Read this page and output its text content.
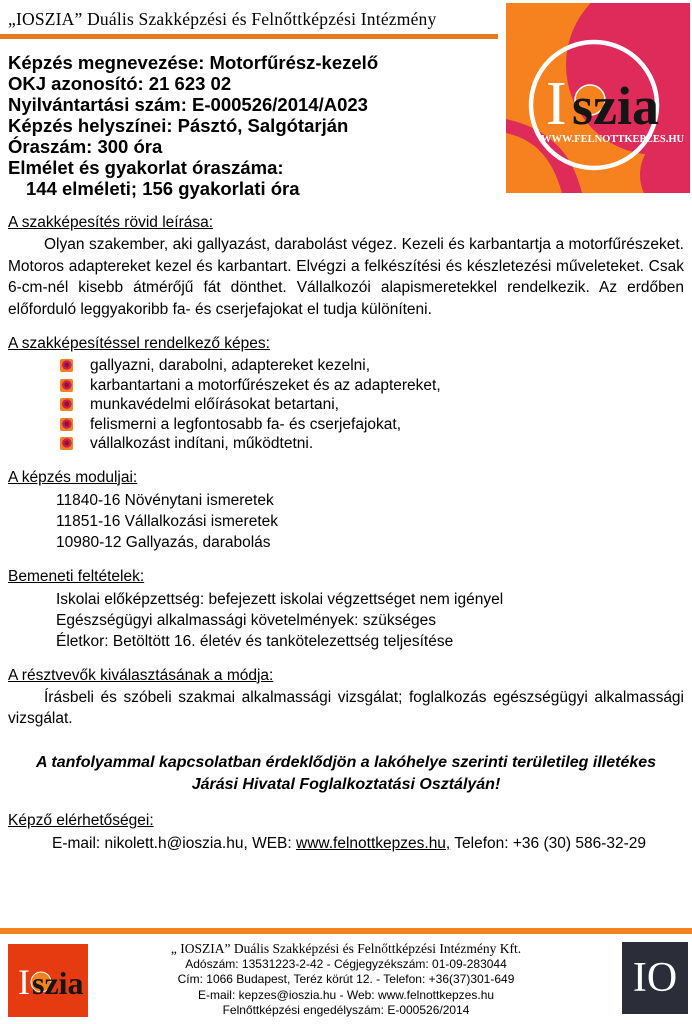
„IOSZIA” Duális Szakképzési és Felnőttképzési Intézmény
I szia
WWW.FELNOTTKEPZES.HU
Képzés megnevezése: Motorfűrész-kezelő
OKJ azonosító: 21 623 02
Nyilvántartási szám: E-000526/2014/A023
Képzés helyszínei: Pásztó, Salgótarján
Óraszám: 300 óra
Elmélet és gyakorlat óraszáma:
144 elméleti; 156 gyakorlati óra
A szakképesítés rövid leírása:
Olyan szakember, aki gallyazást, darabolást végez. Kezeli és karbantartja a motorfűrészeket. Motoros adaptereket kezel és karbantart. Elvégzi a felkészítési és készletezési műveleteket. Csak 6-cm-nél kisebb átmérőjű fát dönthet. Vállalkozói alapismeretekkel rendelkezik. Az erdőben előforduló leggyakoribb fa- és cserjefajokat el tudja különíteni.
A szakképesítéssel rendelkező képes:
gallyazni, darabolni, adaptereket kezelni,
karbantartani a motorfűrészeket és az adaptereket,
munkavédelmi előírásokat betartani,
felismerni a legfontosabb fa- és cserjefajokat,
vállalkozást indítani, működtetni.
A képzés moduljai:
11840-16 Növénytani ismeretek
11851-16 Vállalkozási ismeretek
10980-12 Gallyazás, darabolás
Bemeneti feltételek:
Iskolai előképzettség: befejezett iskolai végzettséget nem igényel
Egészségügyi alkalmassági követelmények: szükséges
Életkor: Betöltött 16. életév és tankötelezettség teljesítése
A résztvevők kiválasztásának a módja:
Írásbeli és szóbeli szakmai alkalmassági vizsgálat; foglalkozás egészségügyi alkalmassági vizsgálat.
A tanfolyammal kapcsolatban érdeklődjön a lakóhelye szerinti területileg illetékes Járási Hivatal Foglalkoztatási Osztályán!
Képző elérhetőségei:
E-mail: nikolett.h@ioszia.hu, WEB: www.felnottkepzes.hu, Telefon: +36 (30) 586-32-29
I szia
„ IOSZIA” Duális Szakképzési és Felnőttképzési Intézmény Kft.
Adószám: 13531223-2-42 - Cégjegyzékszám: 01-09-283044
Cím: 1066 Budapest, Teréz körút 12. - Telefon: +36(37)301-649
E-mail: kepzes@ioszia.hu - Web: www.felnottkepzes.hu
Felnőttképzési engedélyszám: E-000526/2014
IO
